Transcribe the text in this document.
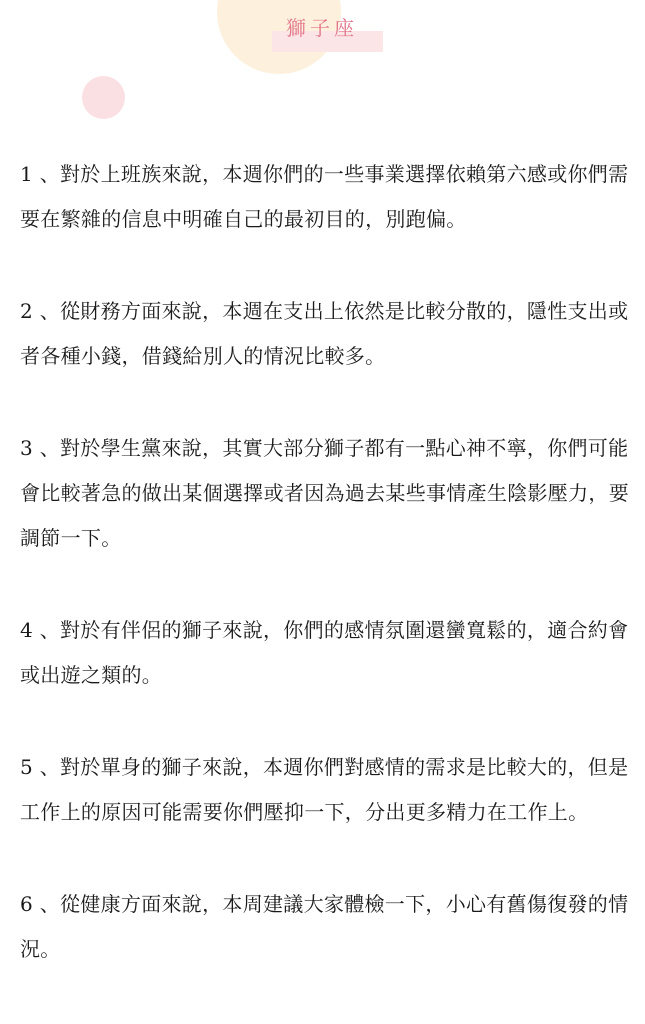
獅子座

1 、對於上班族來說，本週你們的一些事業選擇依賴第六感或你們需要在繁雜的信息中明確自己的最初目的，別跑偏。

2 、從財務方面來說，本週在支出上依然是比較分散的，隱性支出或者各種小錢，借錢給別人的情況比較多。

3 、對於學生黨來說，其實大部分獅子都有一點心神不寧，你們可能會比較著急的做出某個選擇或者因為過去某些事情產生陰影壓力，要調節一下。

4 、對於有伴侶的獅子來說，你們的感情氛圍還蠻寬鬆的，適合約會或出遊之類的。

5 、對於單身的獅子來說，本週你們對感情的需求是比較大的，但是工作上的原因可能需要你們壓抑一下，分出更多精力在工作上。

6 、從健康方面來說，本周建議大家體檢一下，小心有舊傷復發的情況。
